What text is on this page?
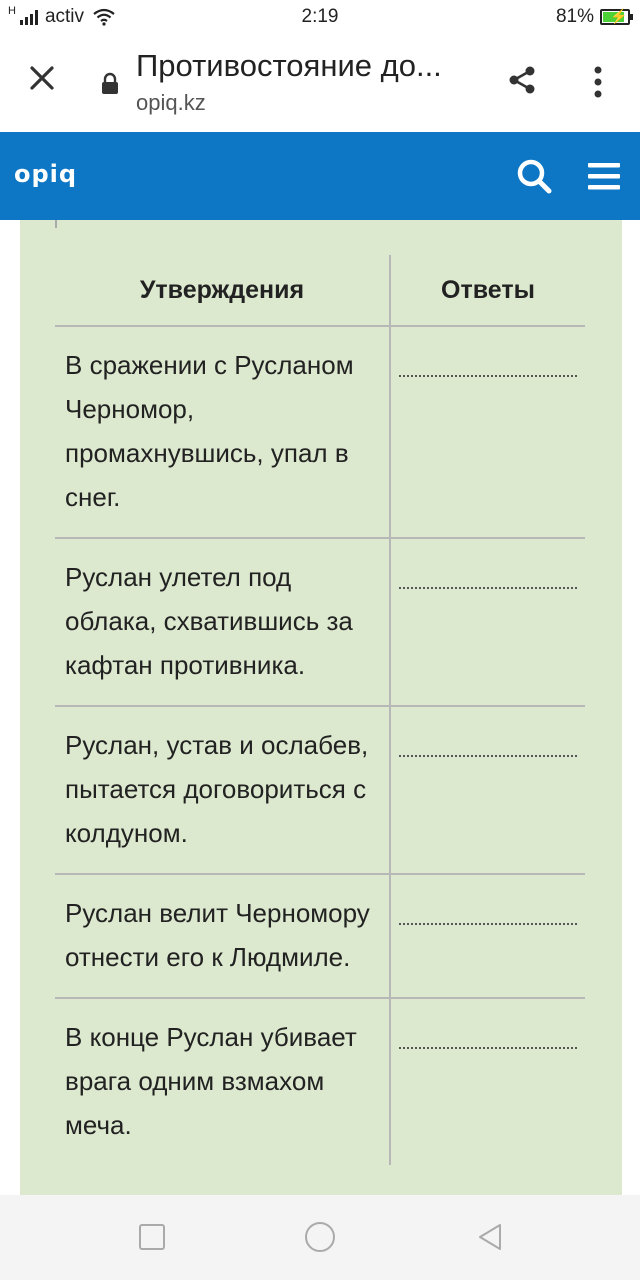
H activ	2:19	81% ⚡
Противостояние до...
opiq.kz
opiq
Утверждения	Ответы
В сражении с Русланом Черномор, промахнувшись, упал в снег.	

Руслан улетел под облака, схватившись за кафтан противника.	

Руслан, устав и ослабев, пытается договориться с колдуном.	

Руслан велит Черномору отнести его к Людмиле.	

В конце Руслан убивает врага одним взмахом меча.	
